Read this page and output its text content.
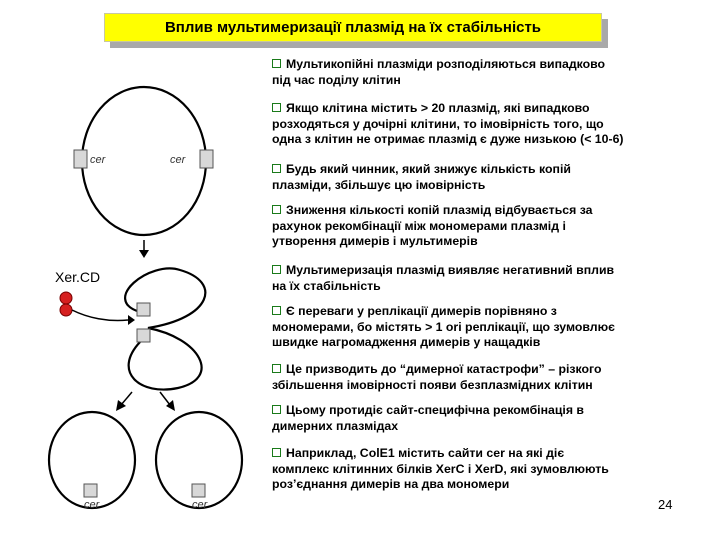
Вплив мультимеризації плазмід на їх стабільність
cer	cer
Xer.CD
cer	cer
Мультикопійні плазміди розподіляються випадково
під час поділу клітин
Якщо клітина містить > 20 плазмід, які випадково
розходяться у дочірні клітини, то імовірність того, що
одна з клітин не отримає плазмід є дуже низькою (< 10-6)
Будь який чинник, який знижує кількість копій
плазміди, збільшує цю імовірність
Зниження кількості копій плазмід відбувається за
рахунок рекомбінації між мономерами плазмід і
утворення димерів і мультимерів
Мультимеризація плазмід виявляє негативний вплив
на їх стабільність
Є переваги у реплікації димерів порівняно з
мономерами, бо містять > 1 ori реплікації, що зумовлює
швидке нагромадження димерів у нащадків
Це призводить до “димерної катастрофи” – різкого
збільшення імовірності появи безплазмідних клітин
Цьому протидіє сайт-специфічна рекомбінація в
димерних плазмідах
Наприклад, ColE1 містить сайти cer на які діє
комплекс клітинних білків XerC і XerD, які зумовлюють
роз’єднання димерів на два мономери
24
